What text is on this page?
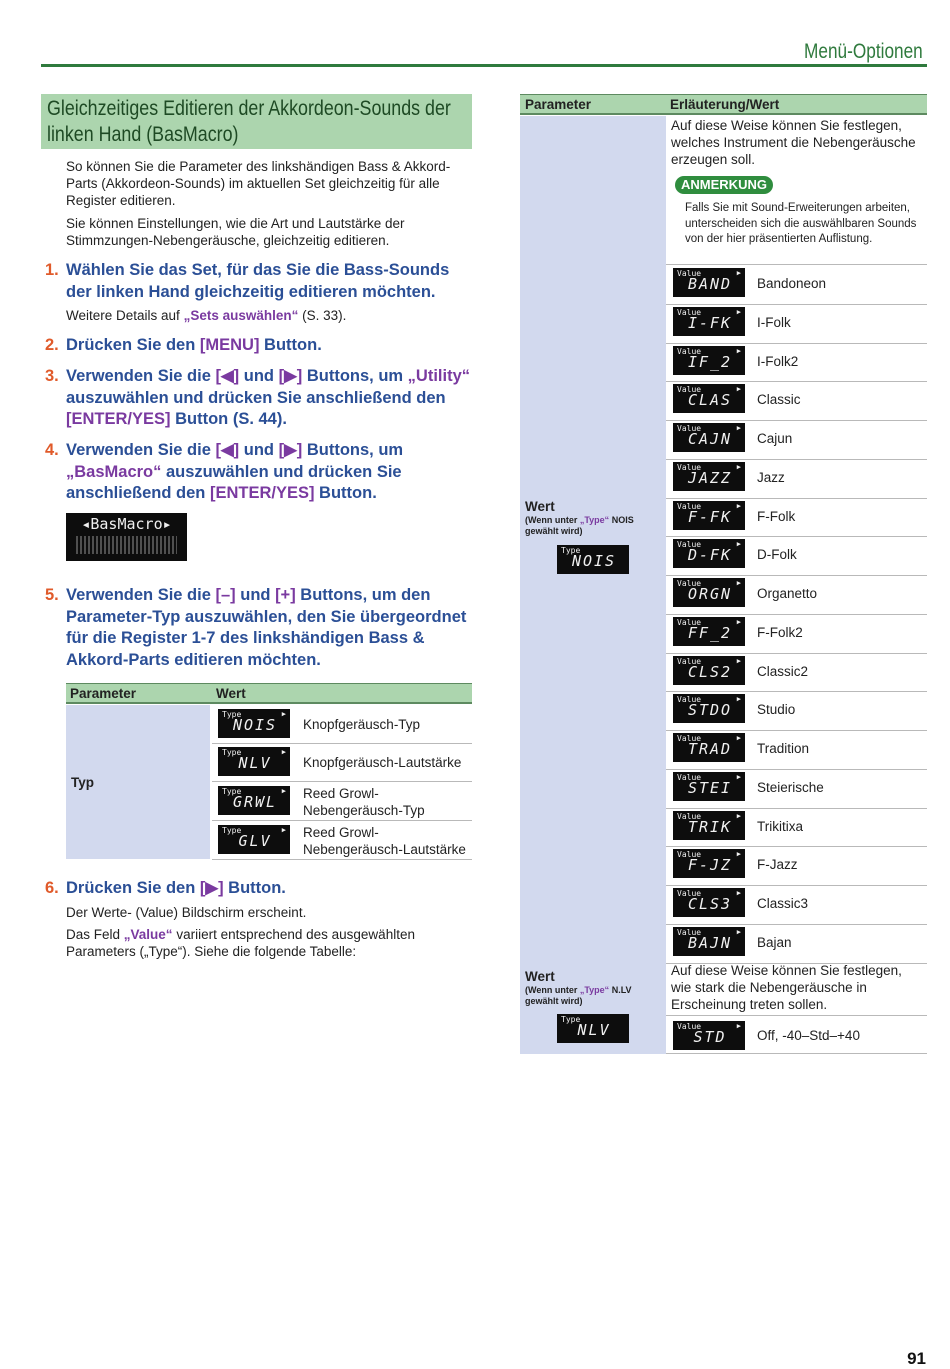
Menü-Optionen
Gleichzeitiges Editieren der Akkordeon-Sounds der linken Hand (BasMacro)
So können Sie die Parameter des linkshändigen Bass & Akkord-Parts (Akkordeon-Sounds) im aktuellen Set gleichzeitig für alle Register editieren.
Sie können Einstellungen, wie die Art und Lautstärke der Stimmzungen-Nebengeräusche, gleichzeitig editieren.
1. Wählen Sie das Set, für das Sie die Bass-Sounds der linken Hand gleichzeitig editieren möchten.
Weitere Details auf „Sets auswählen“ (S. 33).
2. Drücken Sie den [MENU] Button.
3. Verwenden Sie die [◀] und [▶] Buttons, um „Utility“ auszuwählen und drücken Sie anschließend den [ENTER/YES] Button (S. 44).
4. Verwenden Sie die [◀] und [▶] Buttons, um „BasMacro“ auszuwählen und drücken Sie anschließend den [ENTER/YES] Button.
◂BasMacro▸
5. Verwenden Sie die [–] und [+] Buttons, um den Parameter-Typ auszuwählen, den Sie übergeordnet für die Register 1-7 des linkshändigen Bass & Akkord-Parts editieren möchten.
Parameter	Wert
Typ
Type	▶
NOIS	Knopfgeräusch-Typ
Type	▶
NLV	Knopfgeräusch-Lautstärke
Type	▶
GRWL	Reed Growl-Nebengeräusch-Typ
Type	▶
GLV	Reed Growl-Nebengeräusch-Lautstärke
6. Drücken Sie den [▶] Button.
Der Werte- (Value) Bildschirm erscheint.
Das Feld „Value“ variiert entsprechend des ausgewählten Parameters („Type“). Siehe die folgende Tabelle:
Parameter	Erläuterung/Wert
Wert
(Wenn unter „Type“ NOIS gewählt wird)
Type
NOIS
Auf diese Weise können Sie festlegen, welches Instrument die Nebengeräusche erzeugen soll.
ANMERKUNG
Falls Sie mit Sound-Erweiterungen arbeiten, unterscheiden sich die auswählbaren Sounds von der hier präsentierten Auflistung.
Value	▶
BAND	Bandoneon
Value	▶
I-FK	I-Folk
Value	▶
IF_2	I-Folk2
Value	▶
CLAS	Classic
Value	▶
CAJN	Cajun
Value	▶
JAZZ	Jazz
Value	▶
F-FK	F-Folk
Value	▶
D-FK	D-Folk
Value	▶
ORGN	Organetto
Value	▶
FF_2	F-Folk2
Value	▶
CLS2	Classic2
Value	▶
STDO	Studio
Value	▶
TRAD	Tradition
Value	▶
STEI	Steierische
Value	▶
TRIK	Trikitixa
Value	▶
F-JZ	F-Jazz
Value	▶
CLS3	Classic3
Value	▶
BAJN	Bajan
Wert
(Wenn unter „Type“ N.LV gewählt wird)
Type
NLV
Auf diese Weise können Sie festlegen, wie stark die Nebengeräusche in Erscheinung treten sollen.
Value	▶
STD	Off, -40–Std–+40
91
